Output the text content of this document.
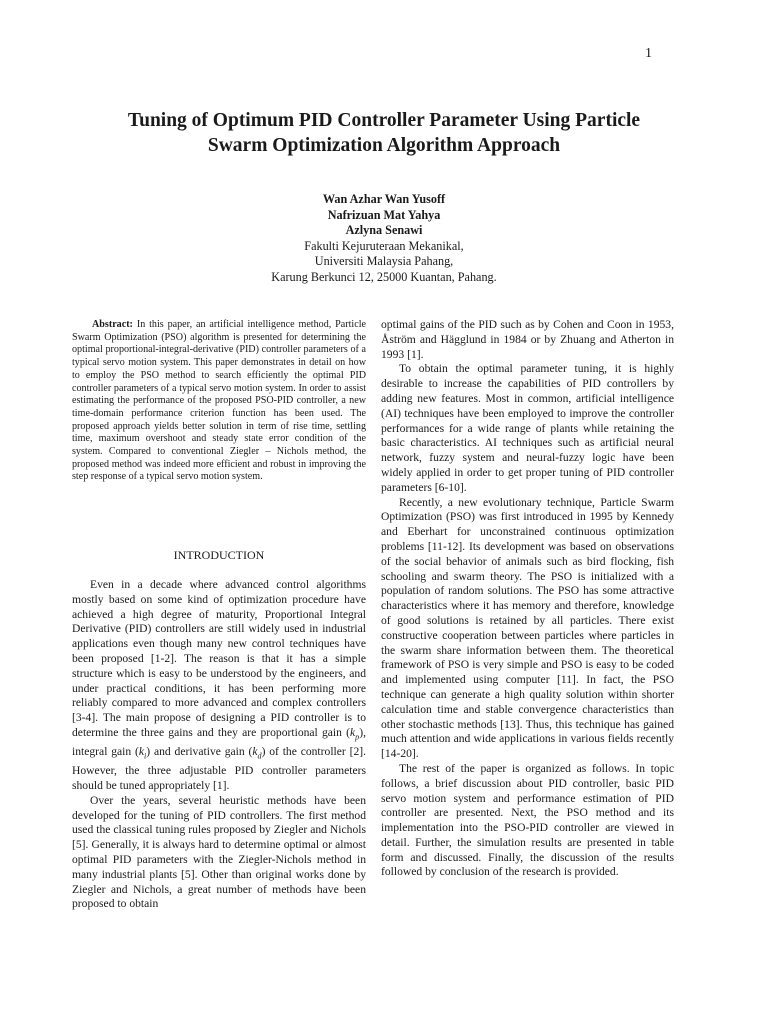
1
Tuning of Optimum PID Controller Parameter Using Particle
Swarm Optimization Algorithm Approach
Wan Azhar Wan Yusoff
Nafrizuan Mat Yahya
Azlyna Senawi
Fakulti Kejuruteraan Mekanikal,
Universiti Malaysia Pahang,
Karung Berkunci 12, 25000 Kuantan, Pahang.

Abstract: In this paper, an artificial intelligence method, Particle Swarm Optimization (PSO) algorithm is presented for determining the optimal proportional-integral-derivative (PID) controller parameters of a typical servo motion system. This paper demonstrates in detail on how to employ the PSO method to search efficiently the optimal PID controller parameters of a typical servo motion system. In order to assist estimating the performance of the proposed PSO-PID controller, a new time-domain performance criterion function has been used. The proposed approach yields better solution in term of rise time, settling time, maximum overshoot and steady state error condition of the system. Compared to conventional Ziegler – Nichols method, the proposed method was indeed more efficient and robust in improving the step response of a typical servo motion system.

INTRODUCTION

Even in a decade where advanced control algorithms mostly based on some kind of optimization procedure have achieved a high degree of maturity, Proportional Integral Derivative (PID) controllers are still widely used in industrial applications even though many new control techniques have been proposed [1-2]. The reason is that it has a simple structure which is easy to be understood by the engineers, and under practical conditions, it has been performing more reliably compared to more advanced and complex controllers [3-4]. The main propose of designing a PID controller is to determine the three gains and they are proportional gain $(k_p)$, integral gain $(k_i)$ and derivative gain $(k_d)$ of the controller [2]. However, the three adjustable PID controller parameters should be tuned appropriately [1].

Over the years, several heuristic methods have been developed for the tuning of PID controllers. The first method used the classical tuning rules proposed by Ziegler and Nichols [5]. Generally, it is always hard to determine optimal or almost optimal PID parameters with the Ziegler-Nichols method in many industrial plants [5]. Other than original works done by Ziegler and Nichols, a great number of methods have been proposed to obtain

optimal gains of the PID such as by Cohen and Coon in 1953, Åström and Hägglund in 1984 or by Zhuang and Atherton in 1993 [1].

To obtain the optimal parameter tuning, it is highly desirable to increase the capabilities of PID controllers by adding new features. Most in common, artificial intelligence (AI) techniques have been employed to improve the controller performances for a wide range of plants while retaining the basic characteristics. AI techniques such as artificial neural network, fuzzy system and neural-fuzzy logic have been widely applied in order to get proper tuning of PID controller parameters [6-10].

Recently, a new evolutionary technique, Particle Swarm Optimization (PSO) was first introduced in 1995 by Kennedy and Eberhart for unconstrained continuous optimization problems [11-12]. Its development was based on observations of the social behavior of animals such as bird flocking, fish schooling and swarm theory. The PSO is initialized with a population of random solutions. The PSO has some attractive characteristics where it has memory and therefore, knowledge of good solutions is retained by all particles. There exist constructive cooperation between particles where particles in the swarm share information between them. The theoretical framework of PSO is very simple and PSO is easy to be coded and implemented using computer [11]. In fact, the PSO technique can generate a high quality solution within shorter calculation time and stable convergence characteristics than other stochastic methods [13]. Thus, this technique has gained much attention and wide applications in various fields recently [14-20].

The rest of the paper is organized as follows. In topic follows, a brief discussion about PID controller, basic PID servo motion system and performance estimation of PID controller are presented. Next, the PSO method and its implementation into the PSO-PID controller are viewed in detail. Further, the simulation results are presented in table form and discussed. Finally, the discussion of the results followed by conclusion of the research is provided.
